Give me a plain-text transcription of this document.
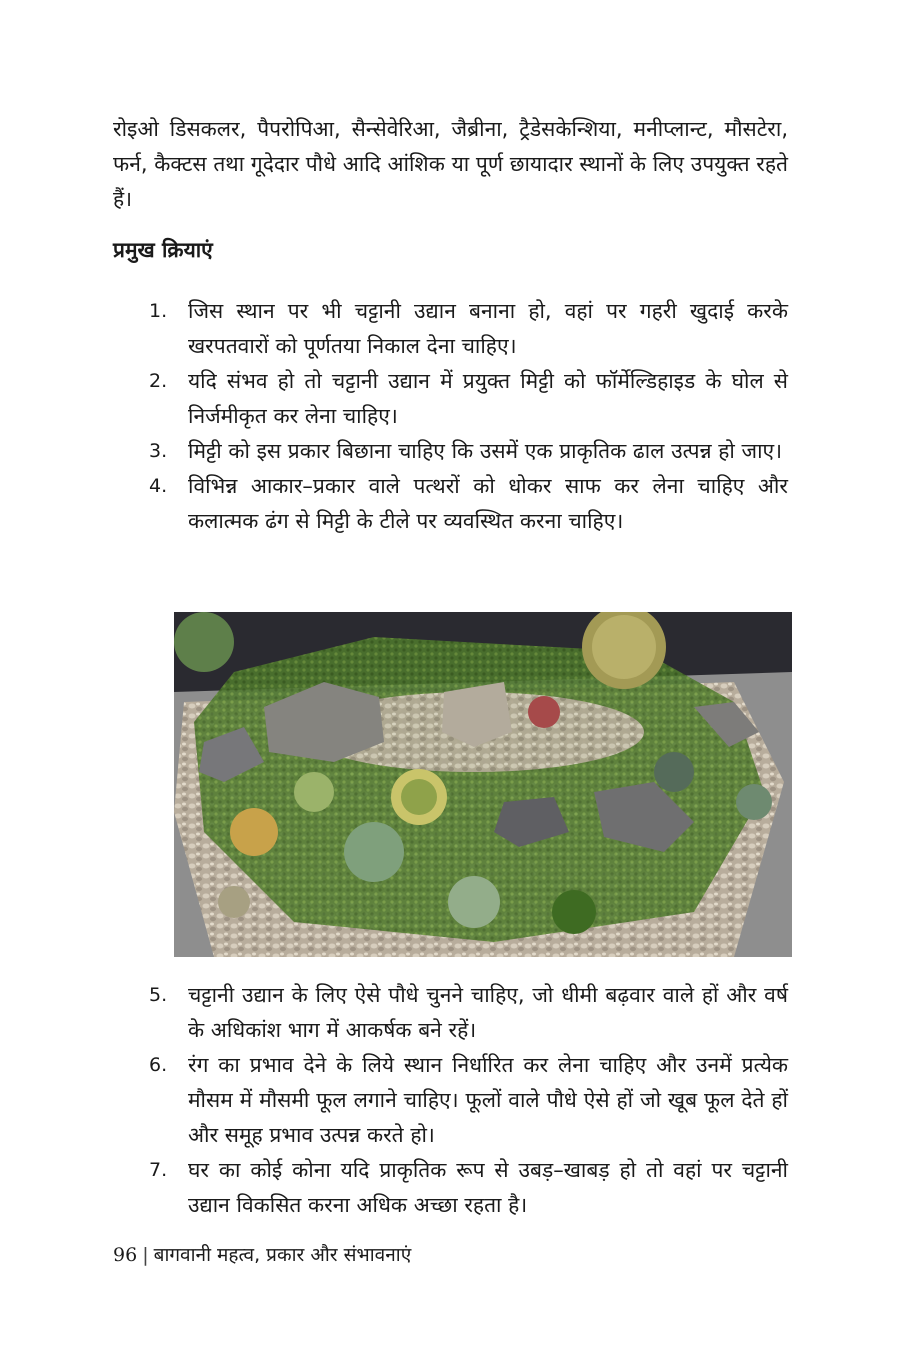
रोइओ डिसकलर, पैपरोपिआ, सैन्सेवेरिआ, जैब्रीना, ट्रैडेसकेन्शिया, मनीप्लान्ट, मौसटेरा, फर्न, कैक्टस तथा गूदेदार पौधे आदि आंशिक या पूर्ण छायादार स्थानों के लिए उपयुक्त रहते हैं।

प्रमुख क्रियाएं
1. जिस स्थान पर भी चट्टानी उद्यान बनाना हो, वहां पर गहरी खुदाई करके खरपतवारों को पूर्णतया निकाल देना चाहिए।
2. यदि संभव हो तो चट्टानी उद्यान में प्रयुक्त मिट्टी को फॉर्मेल्डिहाइड के घोल से निर्जमीकृत कर लेना चाहिए।
3. मिट्टी को इस प्रकार बिछाना चाहिए कि उसमें एक प्राकृतिक ढाल उत्पन्न हो जाए।
4. विभिन्न आकार–प्रकार वाले पत्थरों को धोकर साफ कर लेना चाहिए और कलात्मक ढंग से मिट्टी के टीले पर व्यवस्थित करना चाहिए।
5. चट्टानी उद्यान के लिए ऐसे पौधे चुनने चाहिए, जो धीमी बढ़वार वाले हों और वर्ष के अधिकांश भाग में आकर्षक बने रहें।
6. रंग का प्रभाव देने के लिये स्थान निर्धारित कर लेना चाहिए और उनमें प्रत्येक मौसम में मौसमी फूल लगाने चाहिए। फूलों वाले पौधे ऐसे हों जो खूब फूल देते हों और समूह प्रभाव उत्पन्न करते हो।
7. घर का कोई कोना यदि प्राकृतिक रूप से उबड़–खाबड़ हो तो वहां पर चट्टानी उद्यान विकसित करना अधिक अच्छा रहता है।
96 | बागवानी महत्व, प्रकार और संभावनाएं
